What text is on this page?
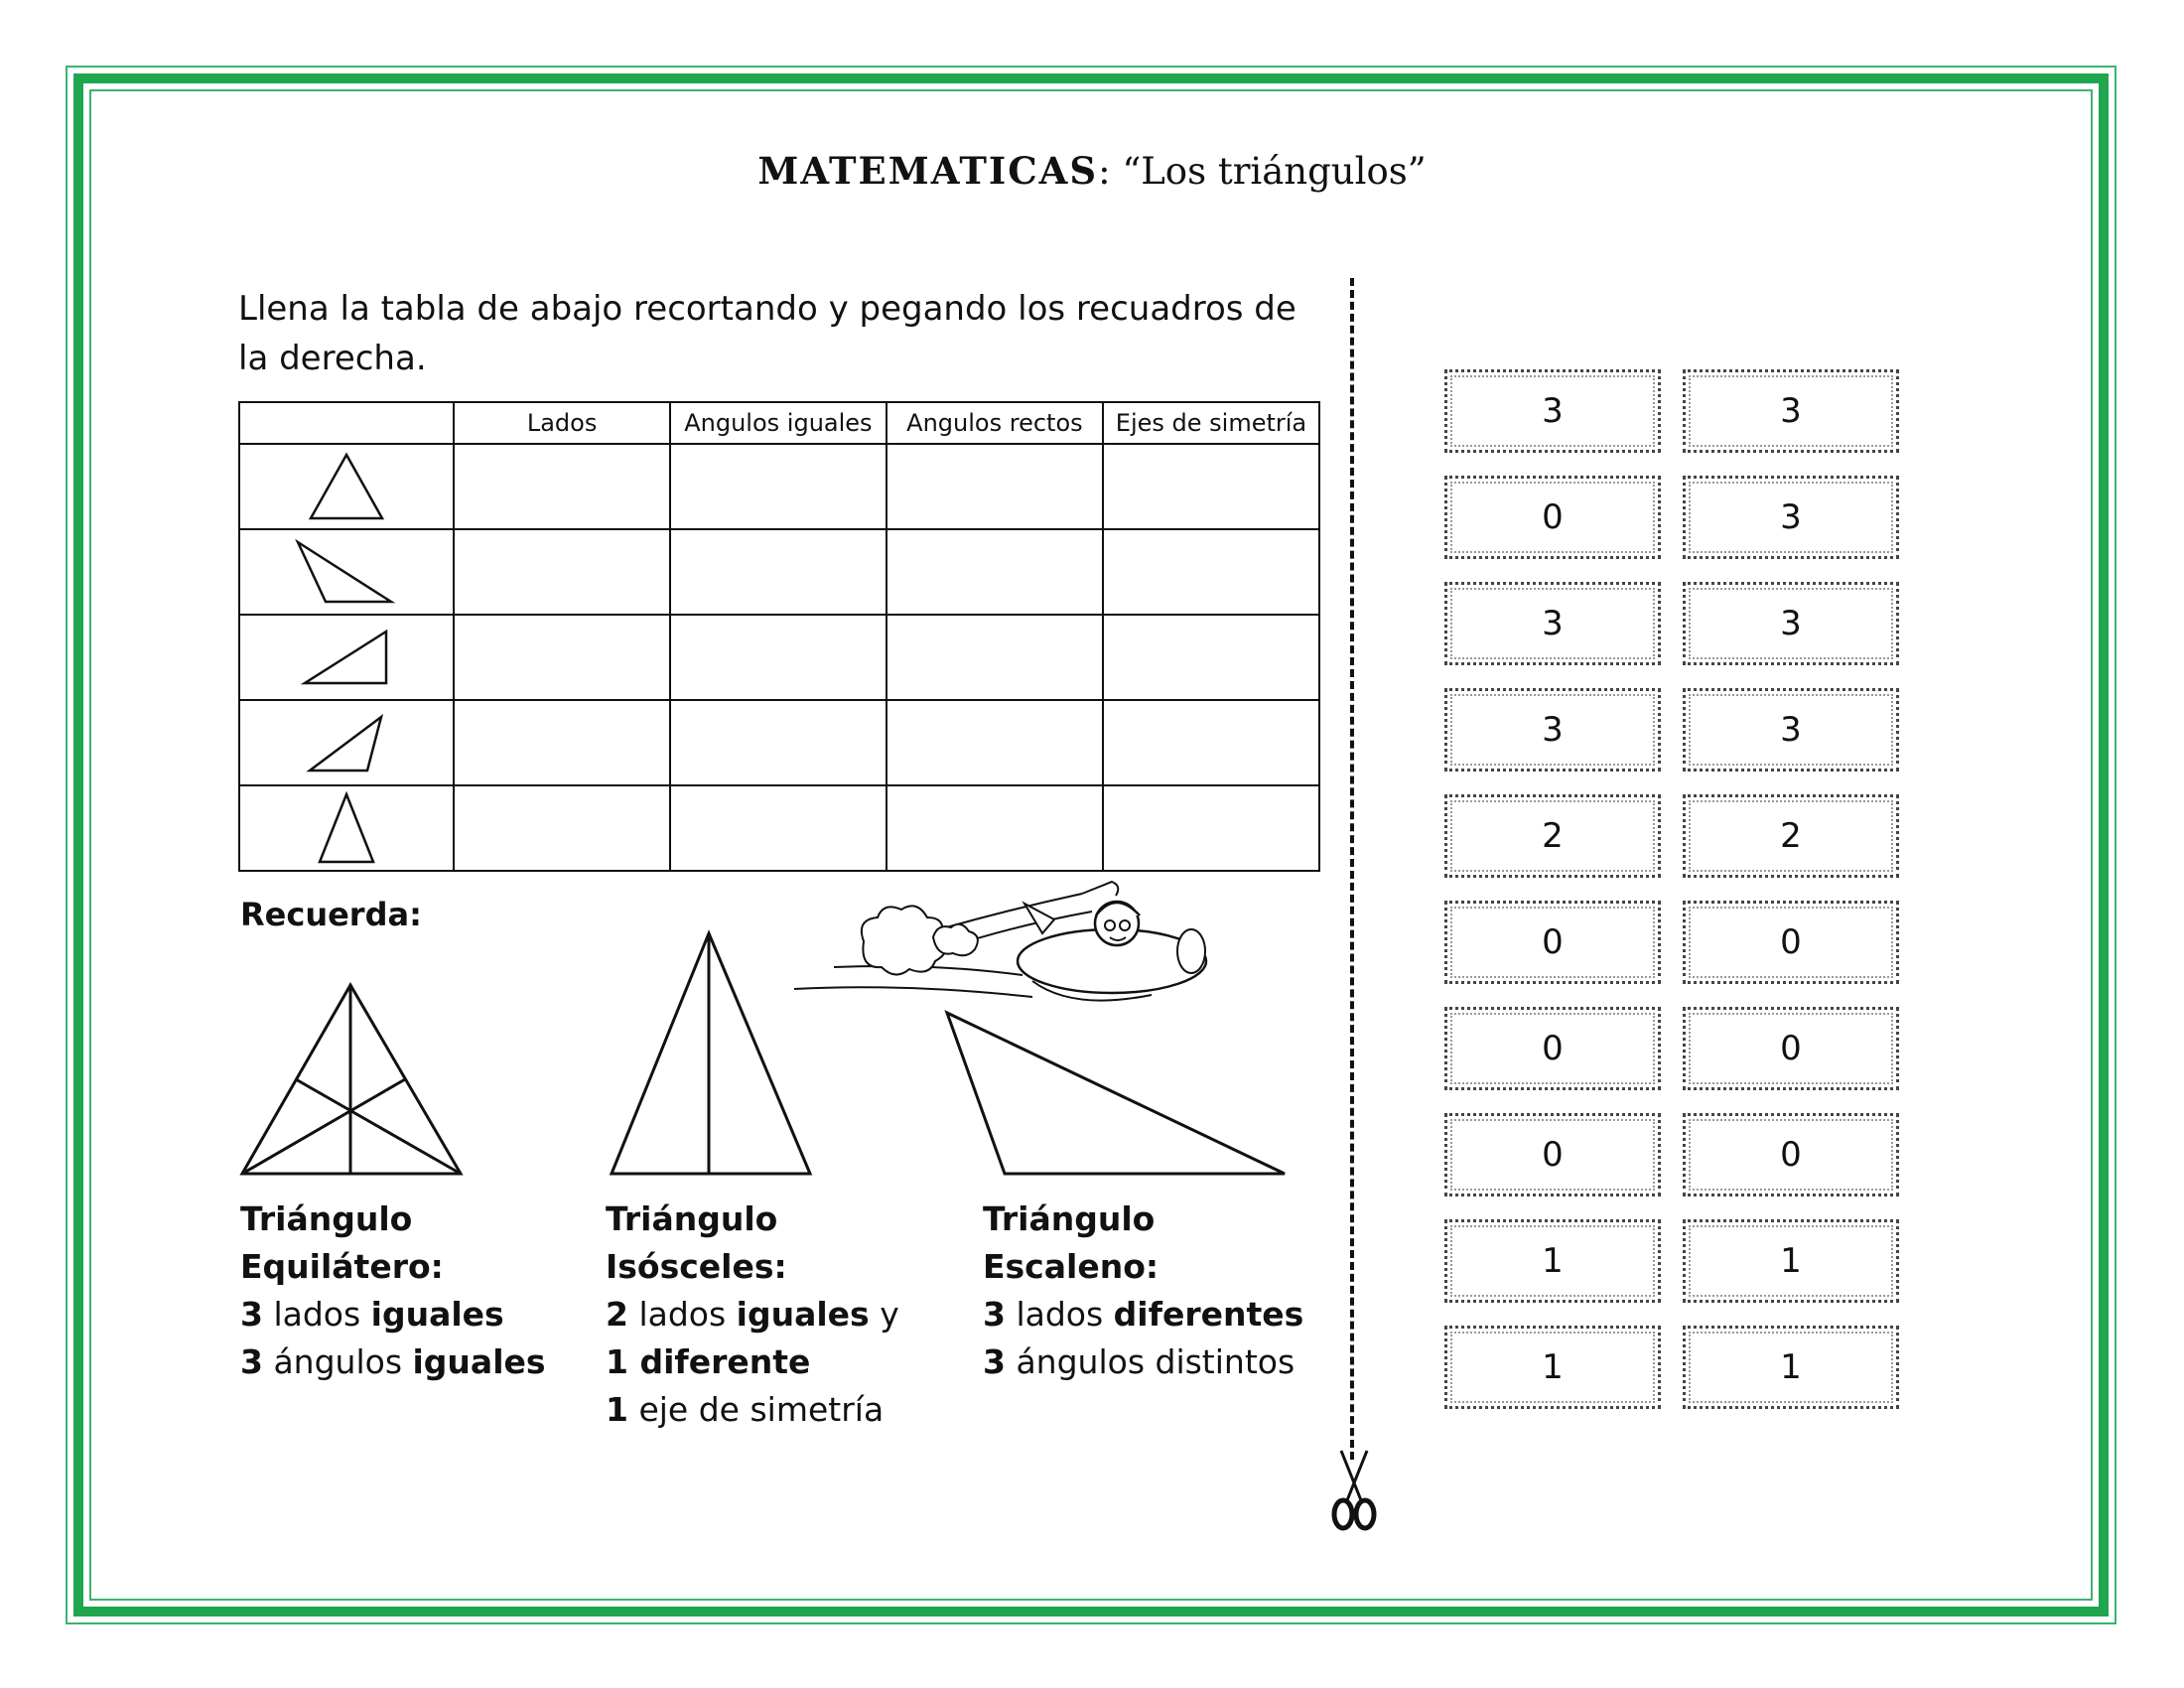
MATEMATICAS: “Los triángulos”
Llena la tabla de abajo recortando y pegando los recuadros de la derecha.
	Lados	Angulos iguales	Angulos rectos	Ejes de simetría

Recuerda:
Triángulo
Equilátero:
3 lados iguales
3 ángulos iguales
Triángulo
Isósceles:
2 lados iguales y
1 diferente
1 eje de simetría
Triángulo
Escaleno:
3 lados diferentes
3 ángulos distintos
3	3
0	3
3	3
3	3
2	2
0	0
0	0
0	0
1	1
1	1
